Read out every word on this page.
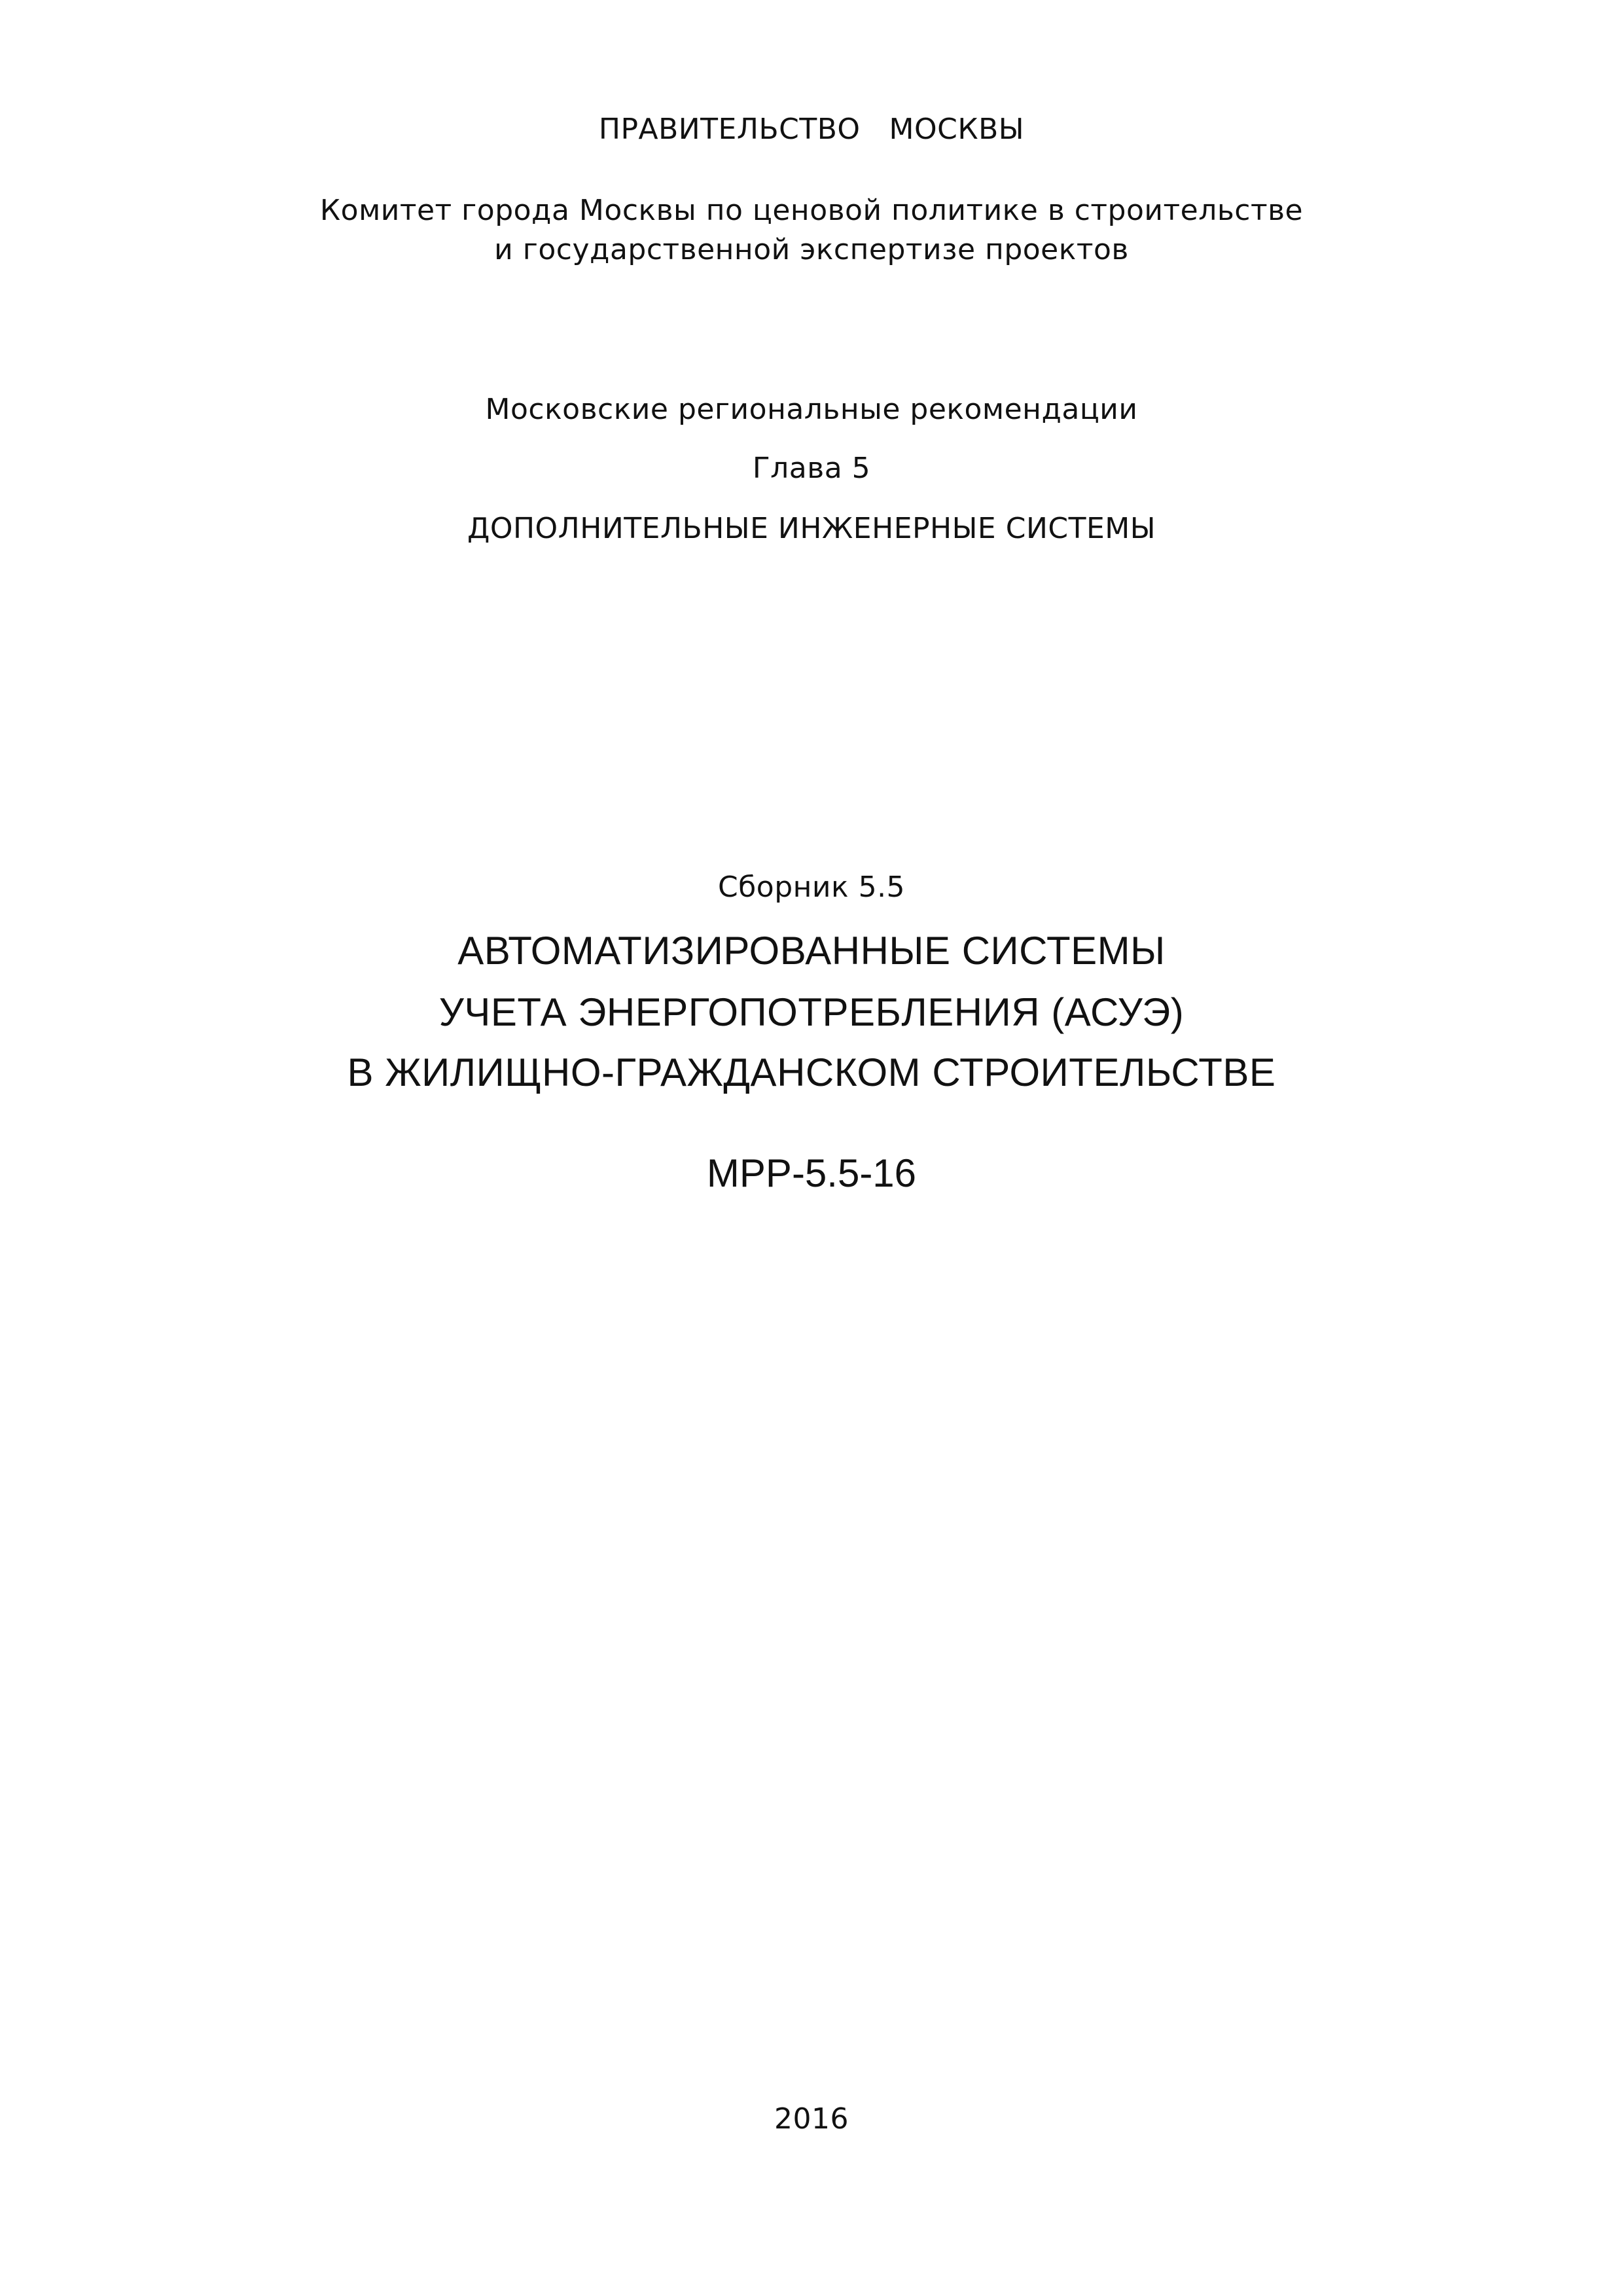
ПРАВИТЕЛЬСТВО МОСКВЫ

Комитет города Москвы по ценовой политике в строительстве

и государственной экспертизе проектов

Московские региональные рекомендации

Глава 5

ДОПОЛНИТЕЛЬНЫЕ ИНЖЕНЕРНЫЕ СИСТЕМЫ

Сборник 5.5

АВТОМАТИЗИРОВАННЫЕ СИСТЕМЫ

УЧЕТА ЭНЕРГОПОТРЕБЛЕНИЯ (АСУЭ)

В ЖИЛИЩНО-ГРАЖДАНСКОМ СТРОИТЕЛЬСТВЕ

МРР-5.5-16

2016
